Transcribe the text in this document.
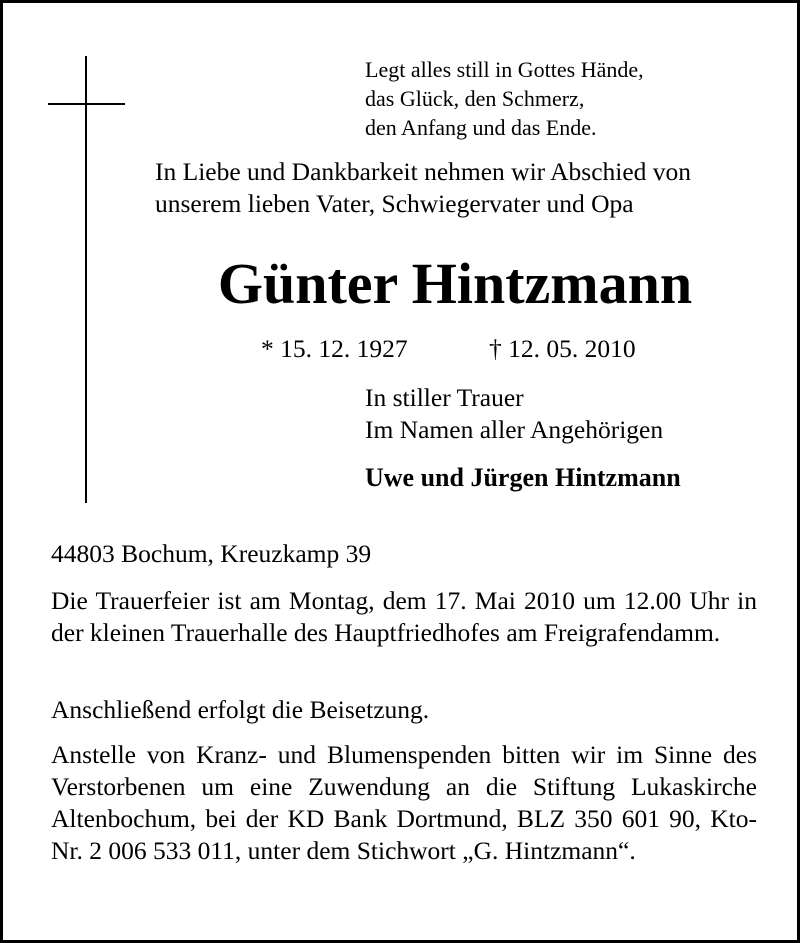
Legt alles still in Gottes Hände,
das Glück, den Schmerz,
den Anfang und das Ende.
In Liebe und Dankbarkeit nehmen wir Abschied von
unserem lieben Vater, Schwiegervater und Opa
Günter Hintzmann
* 15. 12. 1927	† 12. 05. 2010
In stiller Trauer
Im Namen aller Angehörigen
Uwe und Jürgen Hintzmann
44803 Bochum, Kreuzkamp 39
Die Trauerfeier ist am Montag, dem 17. Mai 2010 um 12.00 Uhr in der kleinen Trauerhalle des Hauptfriedhofes am Freigrafendamm.
Anschließend erfolgt die Beisetzung.
Anstelle von Kranz- und Blumenspenden bitten wir im Sinne des Verstorbenen um eine Zuwendung an die Stiftung Lukaskirche Altenbochum, bei der KD Bank Dortmund, BLZ 350 601 90, Kto-Nr. 2 006 533 011, unter dem Stichwort „G. Hintzmann“.
